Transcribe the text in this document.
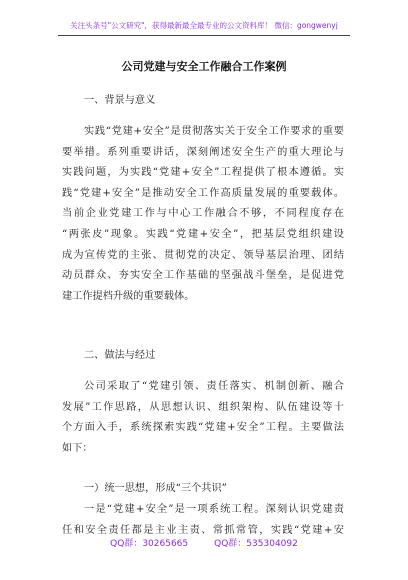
关注头条号"公文研究"，获得最新最全最专业的公文资料库！ 微信：gongwenyj
公司党建与安全工作融合工作案例
一、背景与意义
实践“党建+安全”是贯彻落实关于安全工作要求的重要
要举措。系列重要讲话，深刻阐述安全生产的重大理论与
实践问题，为实践“党建+安全”工程提供了根本遵循。实
践“党建+安全”是推动安全工作高质量发展的重要载体。
当前企业党建工作与中心工作融合不够，不同程度存在
“两张皮”现象。实践“党建+安全”，把基层党组织建设
成为宣传党的主张、贯彻党的决定、领导基层治理、团结
动员群众、夯实安全工作基础的坚强战斗堡垒，是促进党
建工作提档升级的重要载体。
二、做法与经过
公司采取了“党建引领、责任落实、机制创新、融合
发展”工作思路，从思想认识、组织架构、队伍建设等十
个方面入手，系统探索实践“党建+安全”工程。主要做法
如下：
一）统一思想，形成“三个共识”
一是“党建+安全”是一项系统工程。深刻认识党建责
任和安全责任都是主业主责、常抓常管，实践“党建+安
QQ群：30265665	QQ群：535304092
